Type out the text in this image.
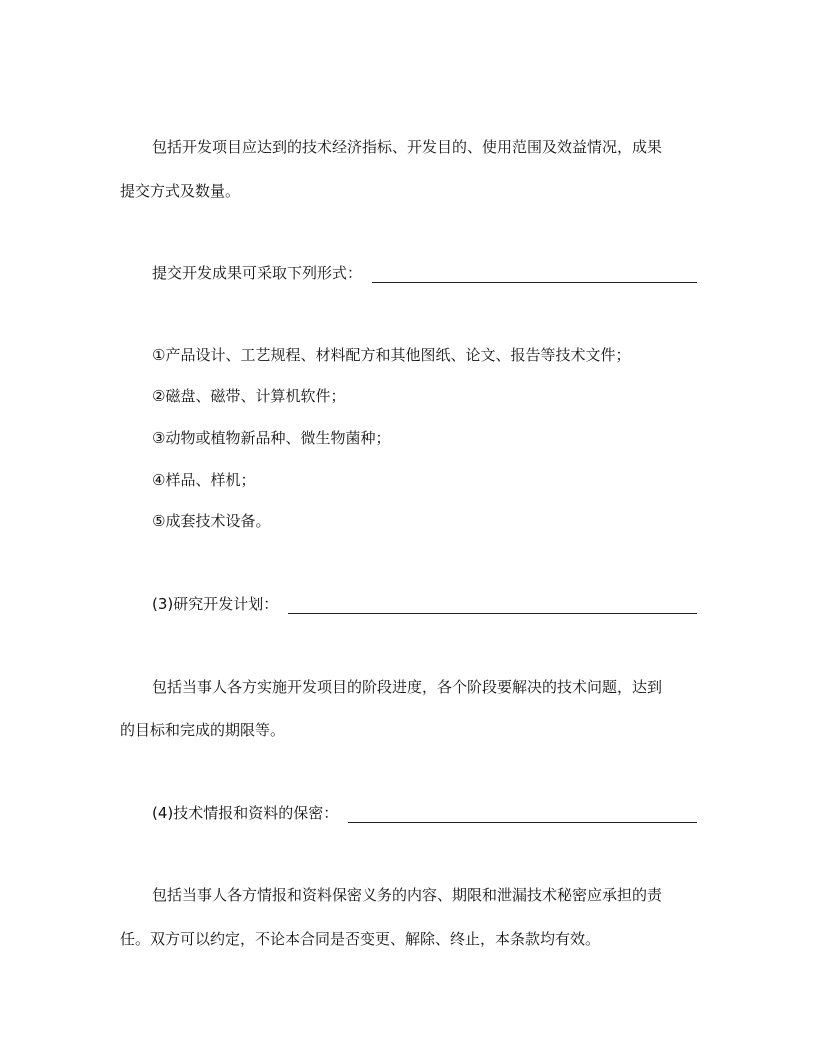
包括开发项目应达到的技术经济指标、开发目的、使用范围及效益情况，成果
提交方式及数量。
提交开发成果可采取下列形式：
①产品设计、工艺规程、材料配方和其他图纸、论文、报告等技术文件；
②磁盘、磁带、计算机软件；
③动物或植物新品种、微生物菌种；
④样品、样机；
⑤成套技术设备。
(3)研究开发计划：
包括当事人各方实施开发项目的阶段进度，各个阶段要解决的技术问题，达到
的目标和完成的期限等。
(4)技术情报和资料的保密：
包括当事人各方情报和资料保密义务的内容、期限和泄漏技术秘密应承担的责
任。双方可以约定，不论本合同是否变更、解除、终止，本条款均有效。
